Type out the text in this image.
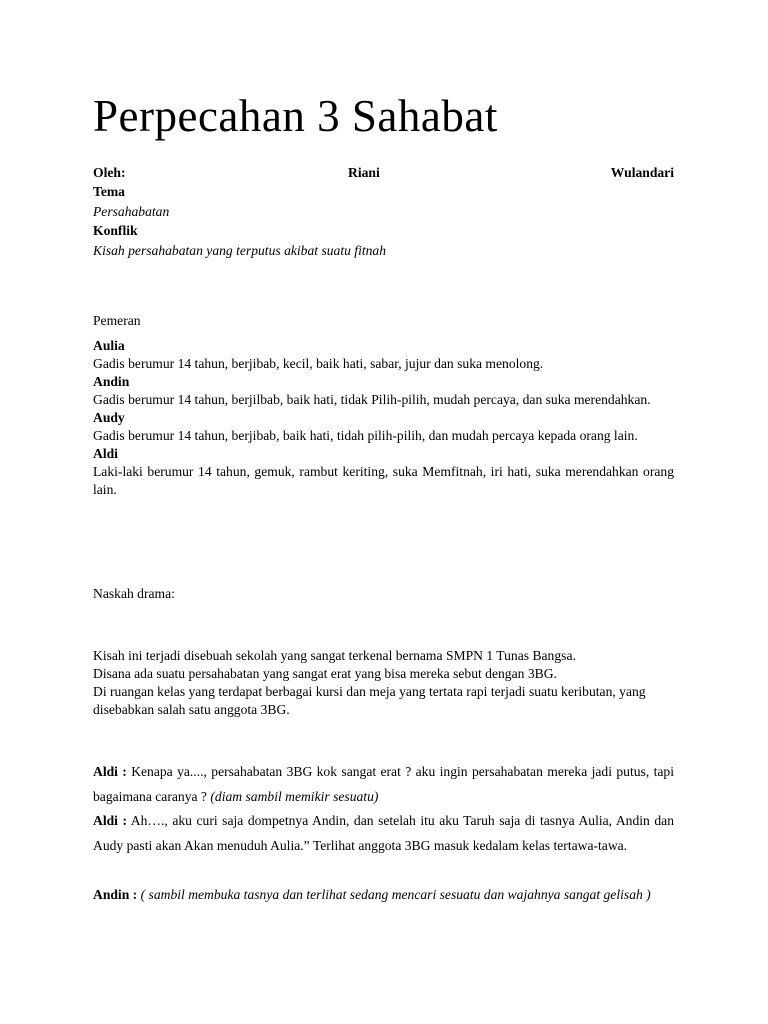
Perpecahan 3 Sahabat
Oleh:	Riani	Wulandari
Tema
Persahabatan
Konflik
Kisah persahabatan yang terputus akibat suatu fitnah
Pemeran
Aulia
Gadis berumur 14 tahun, berjibab, kecil, baik hati, sabar, jujur dan suka menolong.
Andin
Gadis berumur 14 tahun, berjilbab, baik hati, tidak Pilih-pilih, mudah percaya, dan suka merendahkan.
Audy
Gadis berumur 14 tahun, berjibab, baik hati, tidah pilih-pilih, dan mudah percaya kepada orang lain.
Aldi
Laki-laki berumur 14 tahun, gemuk, rambut keriting, suka Memfitnah, iri hati, suka merendahkan orang lain.
Naskah drama:
Kisah ini terjadi disebuah sekolah yang sangat terkenal bernama SMPN 1 Tunas Bangsa.
Disana ada suatu persahabatan yang sangat erat yang bisa mereka sebut dengan 3BG.
Di ruangan kelas yang terdapat berbagai kursi dan meja yang tertata rapi terjadi suatu keributan, yang disebabkan salah satu anggota 3BG.
Aldi : Kenapa ya...., persahabatan 3BG kok sangat erat ? aku ingin persahabatan mereka jadi putus, tapi bagaimana caranya ? (diam sambil memikir sesuatu)
Aldi : Ah…., aku curi saja dompetnya Andin, dan setelah itu aku Taruh saja di tasnya Aulia, Andin dan Audy pasti akan Akan menuduh Aulia.” Terlihat anggota 3BG masuk kedalam kelas tertawa-tawa.
Andin : ( sambil membuka tasnya dan terlihat sedang mencari sesuatu dan wajahnya sangat gelisah )
